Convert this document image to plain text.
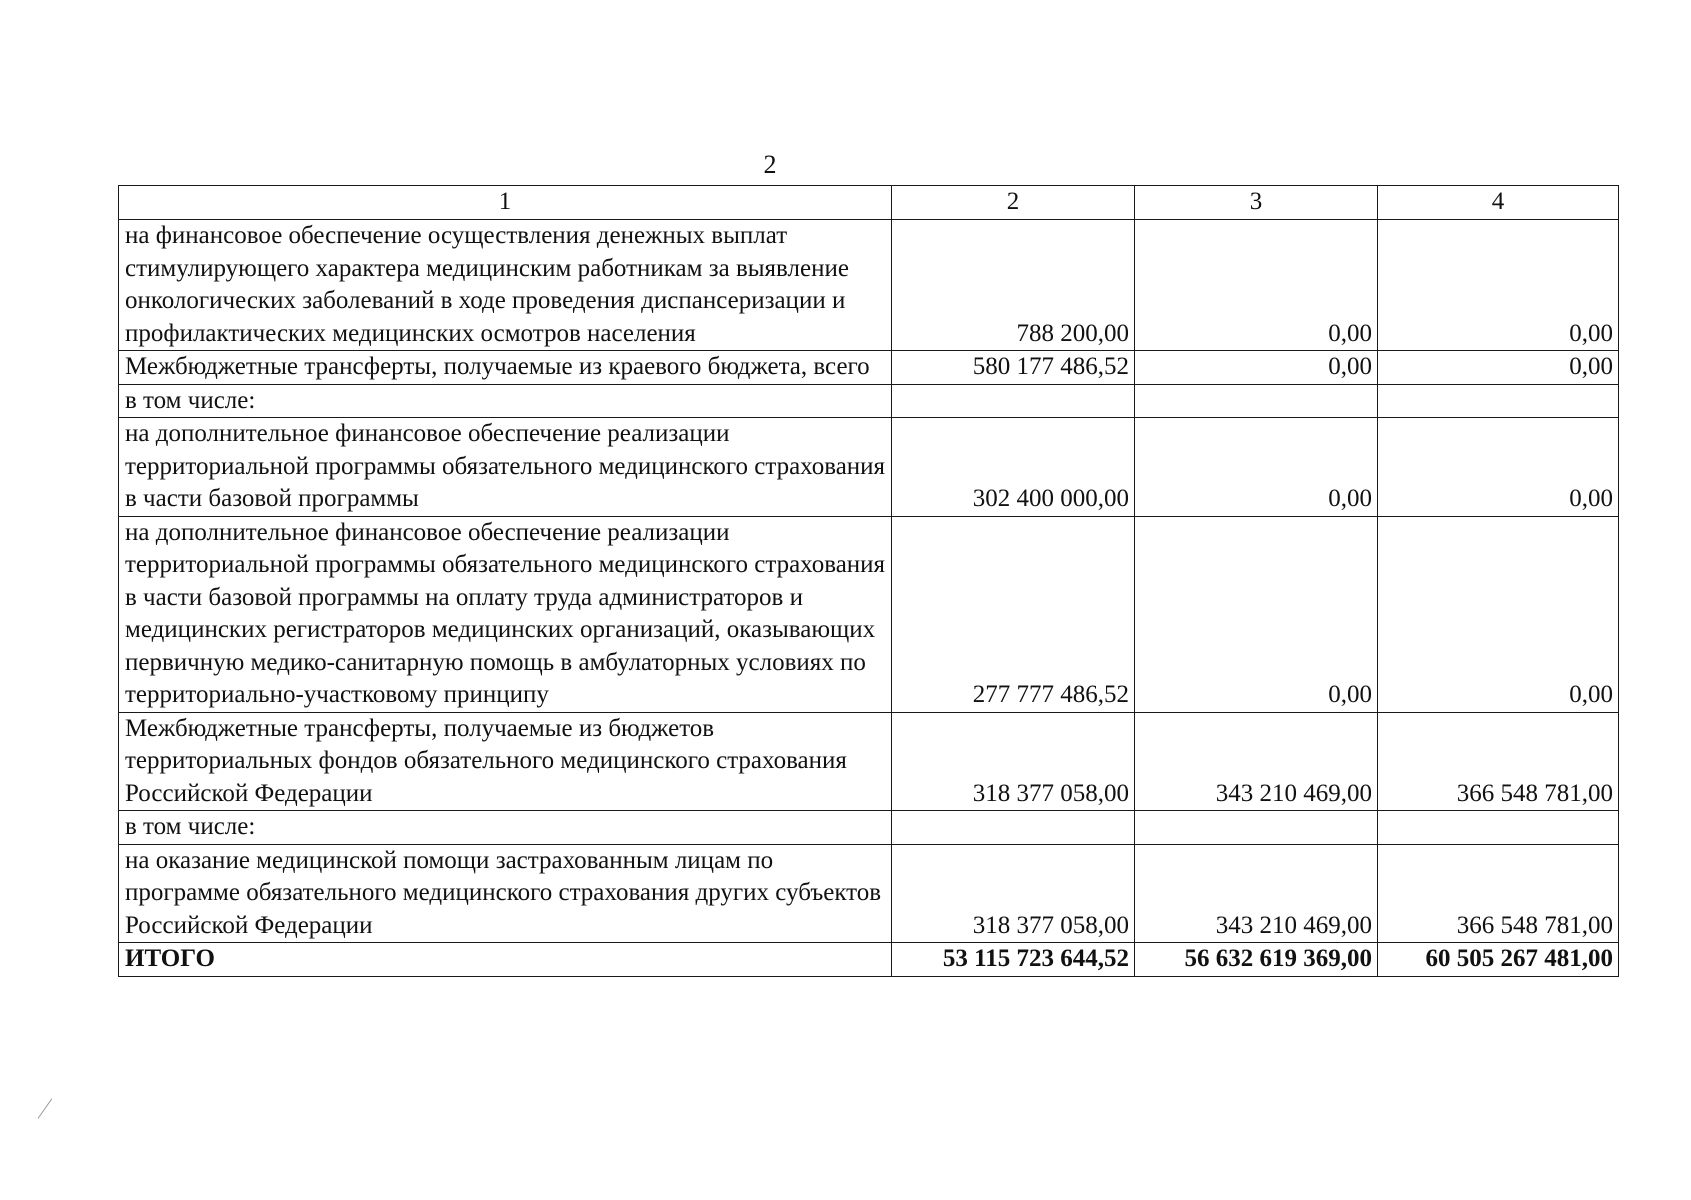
2
1	2	3	4
на финансовое обеспечение осуществления денежных выплат стимулирующего характера медицинским работникам за выявление онкологических заболеваний в ходе проведения диспансеризации и профилактических медицинских осмотров населения	788 200,00	0,00	0,00
Межбюджетные трансферты, получаемые из краевого бюджета, всего	580 177 486,52	0,00	0,00
в том числе:			
на дополнительное финансовое обеспечение реализации территориальной программы обязательного медицинского страхования в части базовой программы	302 400 000,00	0,00	0,00
на дополнительное финансовое обеспечение реализации территориальной программы обязательного медицинского страхования в части базовой программы на оплату труда администраторов и медицинских регистраторов медицинских организаций, оказывающих первичную медико-санитарную помощь в амбулаторных условиях по территориально-участковому принципу	277 777 486,52	0,00	0,00
Межбюджетные трансферты, получаемые из бюджетов территориальных фондов обязательного медицинского страхования Российской Федерации	318 377 058,00	343 210 469,00	366 548 781,00
в том числе:			
на оказание медицинской помощи застрахованным лицам по программе обязательного медицинского страхования других субъектов Российской Федерации	318 377 058,00	343 210 469,00	366 548 781,00
ИТОГО	53 115 723 644,52	56 632 619 369,00	60 505 267 481,00
